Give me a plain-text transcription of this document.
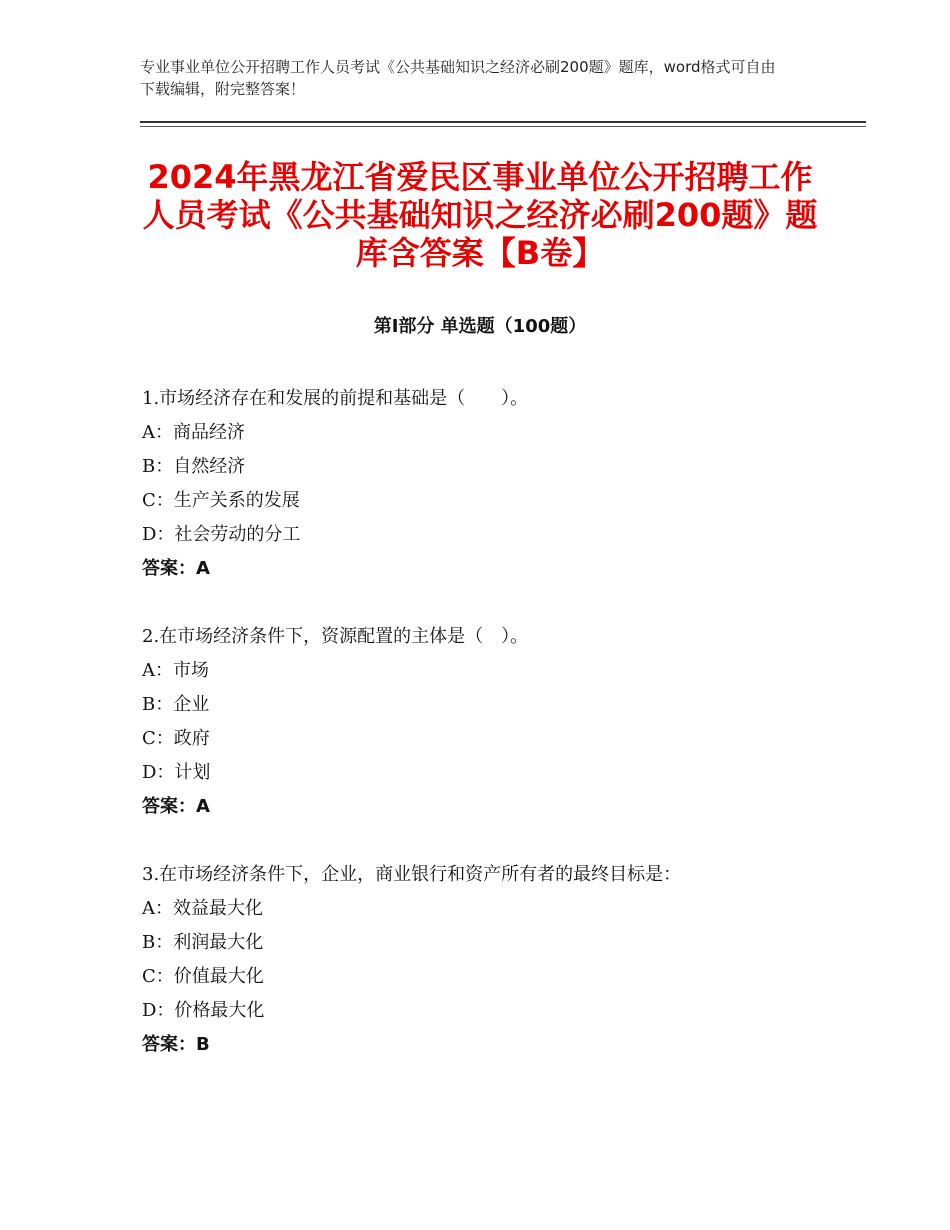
专业事业单位公开招聘工作人员考试《公共基础知识之经济必刷200题》题库，word格式可自由下载编辑，附完整答案！
2024年黑龙江省爱民区事业单位公开招聘工作人员考试《公共基础知识之经济必刷200题》题库含答案【B卷】
第I部分 单选题（100题）
1.市场经济存在和发展的前提和基础是（　　）。
A：商品经济
B：自然经济
C：生产关系的发展
D：社会劳动的分工
答案：A
2.在市场经济条件下，资源配置的主体是（　）。
A：市场
B：企业
C：政府
D：计划
答案：A
3.在市场经济条件下，企业，商业银行和资产所有者的最终目标是：
A：效益最大化
B：利润最大化
C：价值最大化
D：价格最大化
答案：B
